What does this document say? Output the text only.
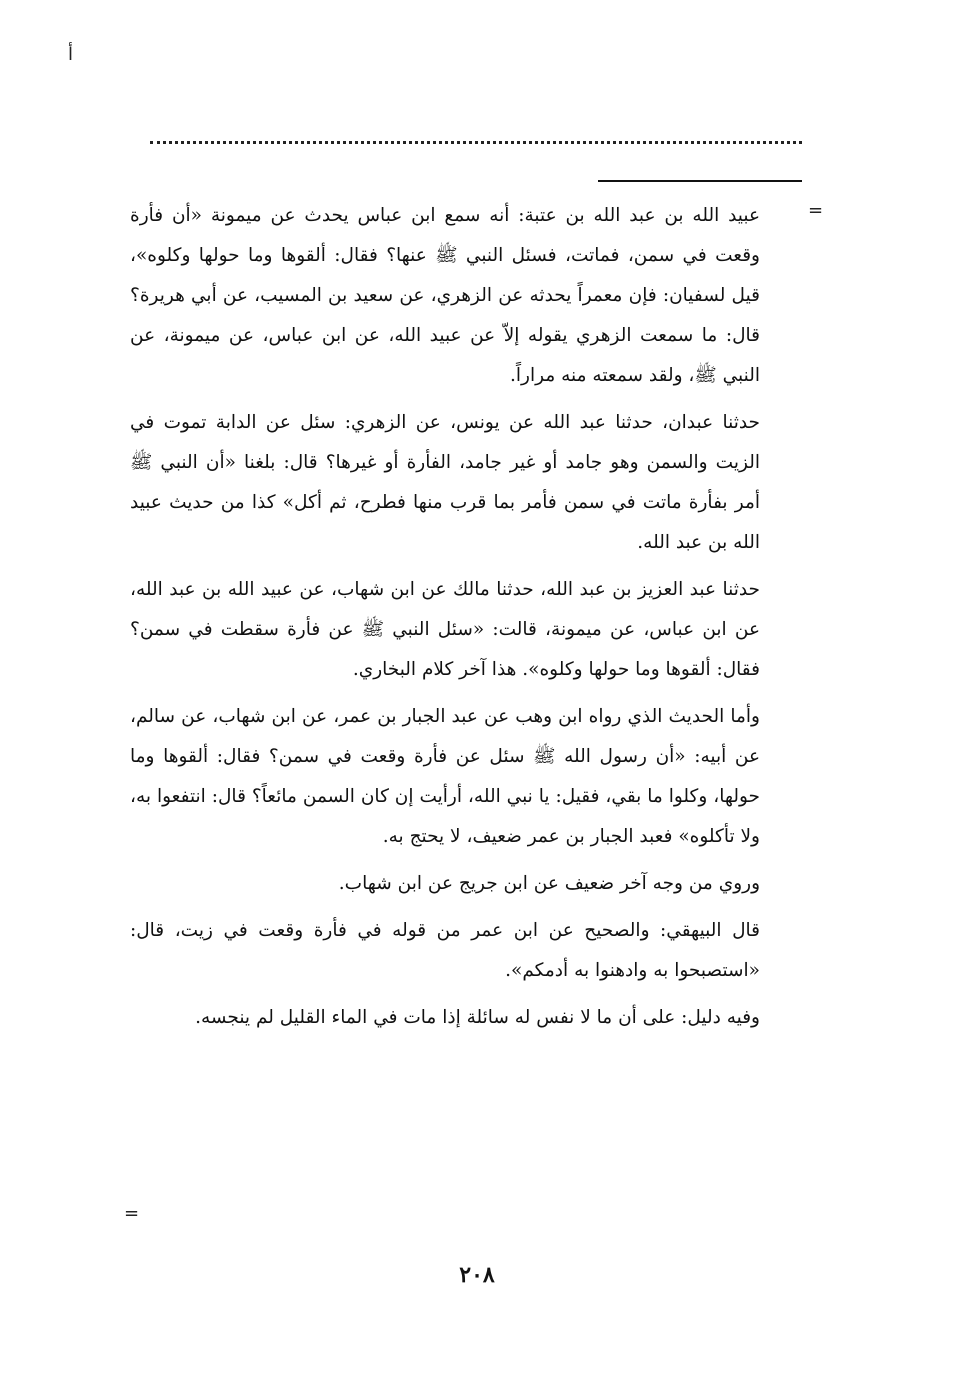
أ
=
=

عبيد الله بن عبد الله بن عتبة: أنه سمع ابن عباس يحدث عن ميمونة «أن فأرة وقعت في سمن، فماتت، فسئل النبي ﷺ عنها؟ فقال: ألقوها وما حولها وكلوه»، قيل لسفيان: فإن معمراً يحدثه عن الزهري، عن سعيد بن المسيب، عن أبي هريرة؟ قال: ما سمعت الزهري يقوله إلاّ عن عبيد الله، عن ابن عباس، عن ميمونة، عن النبي ﷺ، ولقد سمعته منه مراراً.

حدثنا عبدان، حدثنا عبد الله عن يونس، عن الزهري: سئل عن الدابة تموت في الزيت والسمن وهو جامد أو غير جامد، الفأرة أو غيرها؟ قال: بلغنا «أن النبي ﷺ أمر بفأرة ماتت في سمن فأمر بما قرب منها فطرح، ثم أكل» كذا من حديث عبيد الله بن عبد الله.

حدثنا عبد العزيز بن عبد الله، حدثنا مالك عن ابن شهاب، عن عبيد الله بن عبد الله، عن ابن عباس، عن ميمونة، قالت: «سئل النبي ﷺ عن فأرة سقطت في سمن؟ فقال: ألقوها وما حولها وكلوه». هذا آخر كلام البخاري.

وأما الحديث الذي رواه ابن وهب عن عبد الجبار بن عمر، عن ابن شهاب، عن سالم، عن أبيه: «أن رسول الله ﷺ سئل عن فأرة وقعت في سمن؟ فقال: ألقوها وما حولها، وكلوا ما بقي، فقيل: يا نبي الله، أرأيت إن كان السمن مائعاً؟ قال: انتفعوا به، ولا تأكلوه» فعبد الجبار بن عمر ضعيف، لا يحتج به.

وروي من وجه آخر ضعيف عن ابن جريج عن ابن شهاب.

قال البيهقي: والصحيح عن ابن عمر من قوله في فأرة وقعت في زيت، قال: «استصبحوا به وادهنوا به أدمكم».

وفيه دليل: على أن ما لا نفس له سائلة إذا مات في الماء القليل لم ينجسه.

٢٠٨
